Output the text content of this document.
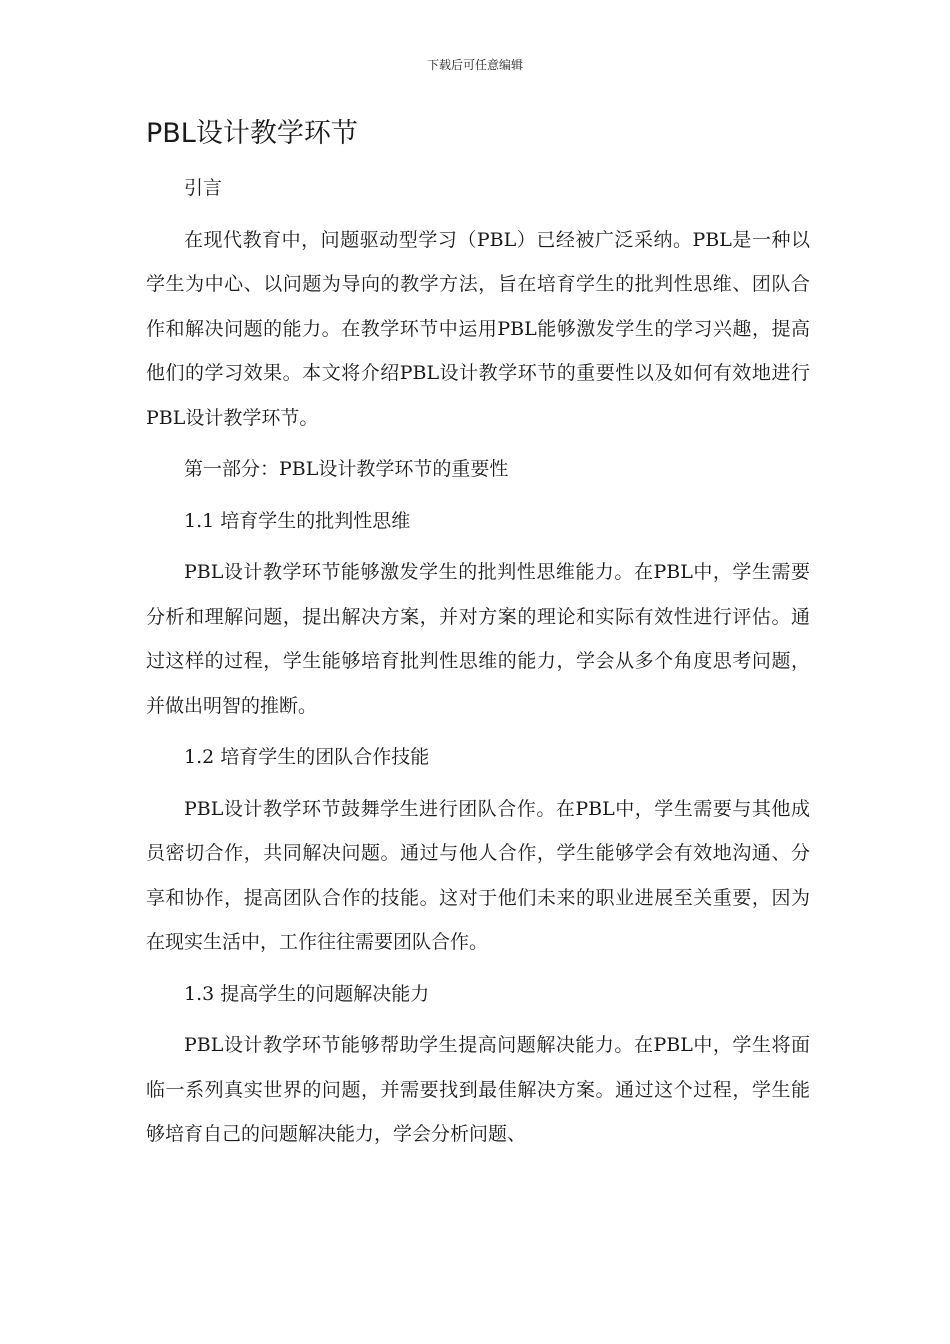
下载后可任意编辑
PBL设计教学环节

引言

在现代教育中，问题驱动型学习（PBL）已经被广泛采纳。PBL是一种以学生为中心、以问题为导向的教学方法，旨在培育学生的批判性思维、团队合作和解决问题的能力。在教学环节中运用PBL能够激发学生的学习兴趣，提高他们的学习效果。本文将介绍PBL设计教学环节的重要性以及如何有效地进行PBL设计教学环节。

第一部分：PBL设计教学环节的重要性

1.1 培育学生的批判性思维

PBL设计教学环节能够激发学生的批判性思维能力。在PBL中，学生需要分析和理解问题，提出解决方案，并对方案的理论和实际有效性进行评估。通过这样的过程，学生能够培育批判性思维的能力，学会从多个角度思考问题，并做出明智的推断。

1.2 培育学生的团队合作技能

PBL设计教学环节鼓舞学生进行团队合作。在PBL中，学生需要与其他成员密切合作，共同解决问题。通过与他人合作，学生能够学会有效地沟通、分享和协作，提高团队合作的技能。这对于他们未来的职业进展至关重要，因为在现实生活中，工作往往需要团队合作。

1.3 提高学生的问题解决能力

PBL设计教学环节能够帮助学生提高问题解决能力。在PBL中，学生将面临一系列真实世界的问题，并需要找到最佳解决方案。通过这个过程，学生能够培育自己的问题解决能力，学会分析问题、
